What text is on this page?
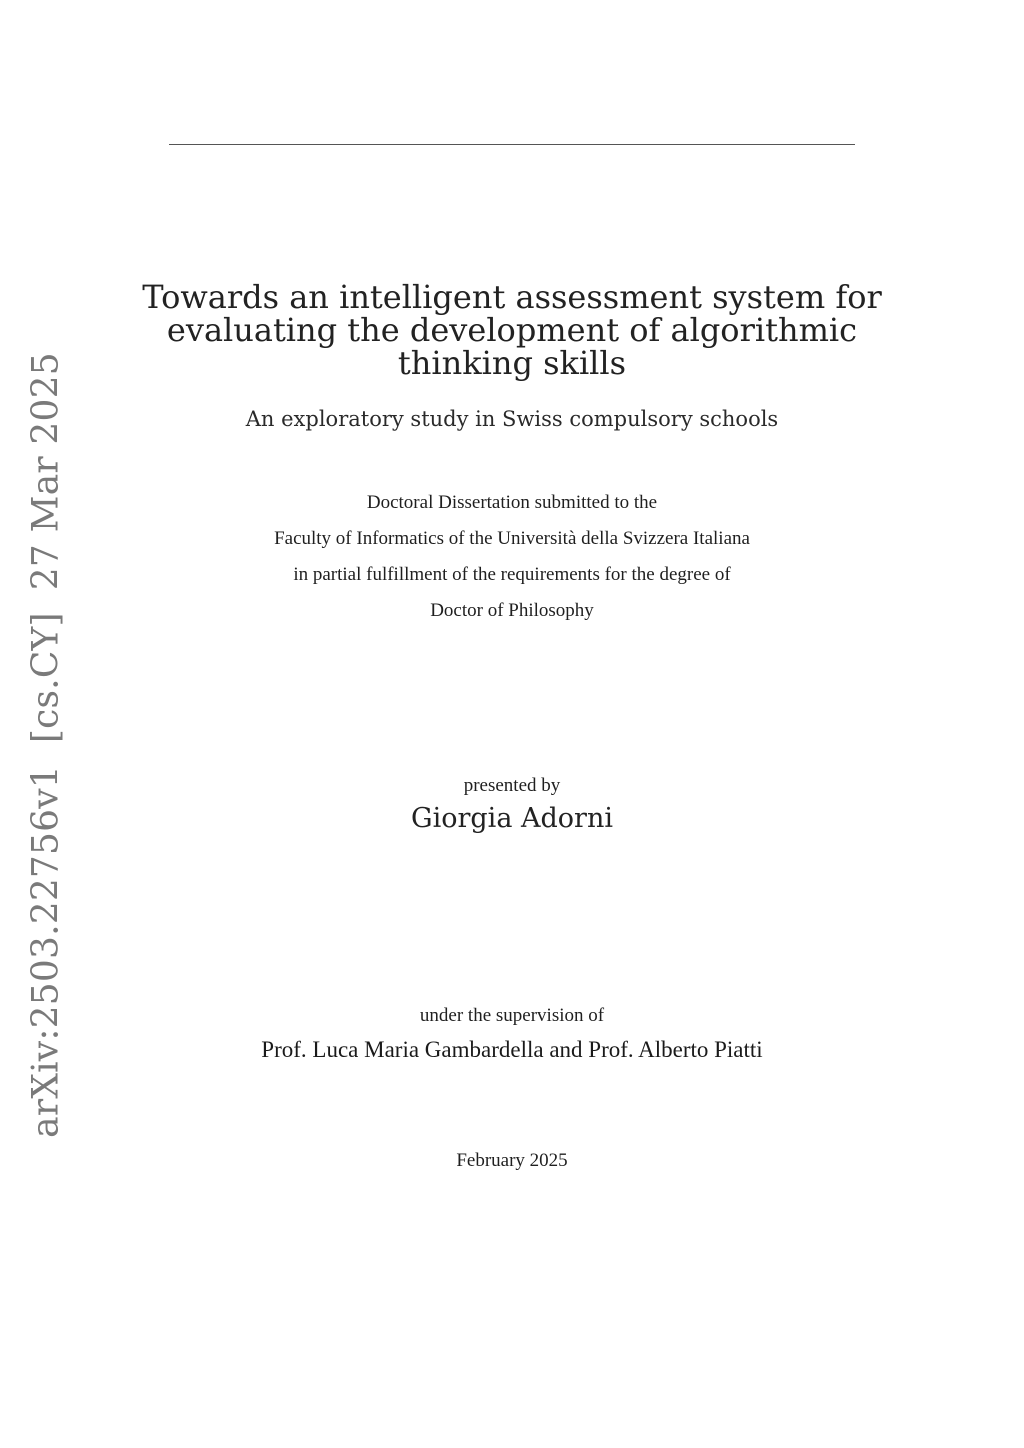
arXiv:2503.22756v1[cs.CY]27 Mar 2025
Towards an intelligent assessment system for
evaluating the development of algorithmic
thinking skills
An exploratory study in Swiss compulsory schools
Doctoral Dissertation submitted to the
Faculty of Informatics of the Università della Svizzera Italiana
in partial fulfillment of the requirements for the degree of
Doctor of Philosophy
presented by
Giorgia Adorni
under the supervision of
Prof. Luca Maria Gambardella and Prof. Alberto Piatti
February 2025
